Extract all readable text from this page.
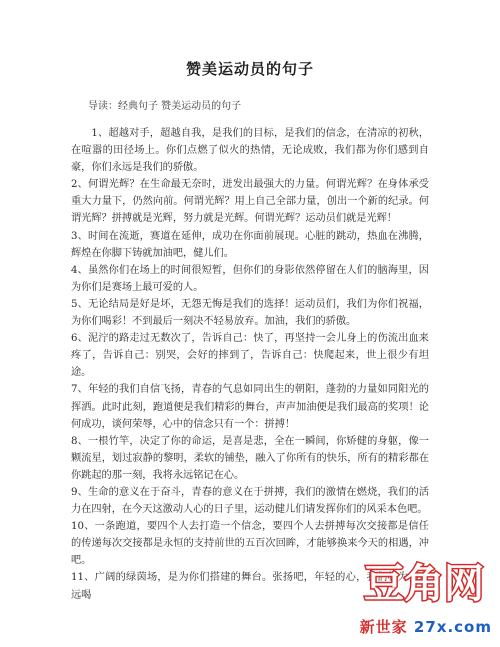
赞美运动员的句子
导读：经典句子 赞美运动员的句子

1、超越对手，超越自我，是我们的目标，是我们的信念，在清凉的初秋，在喧嚣的田径场上。你们点燃了似火的热情，无论成败，我们都为你们感到自豪，你们永远是我们的骄傲。

2、何谓光辉？在生命最无奈时，迸发出最强大的力量。何谓光辉？在身体承受重大力量下，仍然向前。何谓光辉？用上自己全部力量，创出一个新的纪录。何谓光辉？拼搏就是光辉，努力就是光辉。何谓光辉？运动员们就是光辉！

3、时间在流逝，赛道在延伸，成功在你面前展现。心脏的跳动，热血在沸腾，辉煌在你脚下铸就加油吧，健儿们。

4、虽然你们在场上的时间很短暂，但你们的身影依然停留在人们的脑海里，因为你们是赛场上最可爱的人。

5、无论结局是好是坏，无怨无悔是我们的选择！运动员们，我们为你们祝福，为你们喝彩！不到最后一刻决不轻易放弃。加油，我们的骄傲。

6、泥泞的路走过无数次了，告诉自己：快了，再坚持一会儿身上的伤流出血来疼了，告诉自己：别哭，会好的摔到了，告诉自己：快爬起来，世上很少有坦途。

7、年轻的我们自信飞扬，青春的气息如同出生的朝阳，蓬勃的力量如同阳光的挥洒。此时此刻，跑道便是我们精彩的舞台，声声加油便是我们最高的奖项！论何成功，谈何荣辱，心中的信念只有一个：拼搏！

8、一根竹竿，决定了你的命运，是喜是悲，全在一瞬间，你矫健的身躯，像一颗流星，划过寂静的黎明，柔软的铺垫，融入了你所有的快乐，所有的精彩都在你跳起的那一刻，我将永远铭记在心。

9、生命的意义在于奋斗，青春的意义在于拼搏，我们的激情在燃烧，我们的活力在四射，在今天这激动人心的日子里，运动健儿们请发挥你们的风采本色吧。

10、一条跑道，要四个人去打造一个信念，要四个人去拼搏每次交接都是信任的传递每次交接都是永恒的支持前世的五百次回眸，才能够换来今天的相遇，冲吧。

11、广阔的绿茵场，是为你们搭建的舞台。张扬吧，年轻的心，我们将为你永远喝	豆角网
新世家 27x.com
